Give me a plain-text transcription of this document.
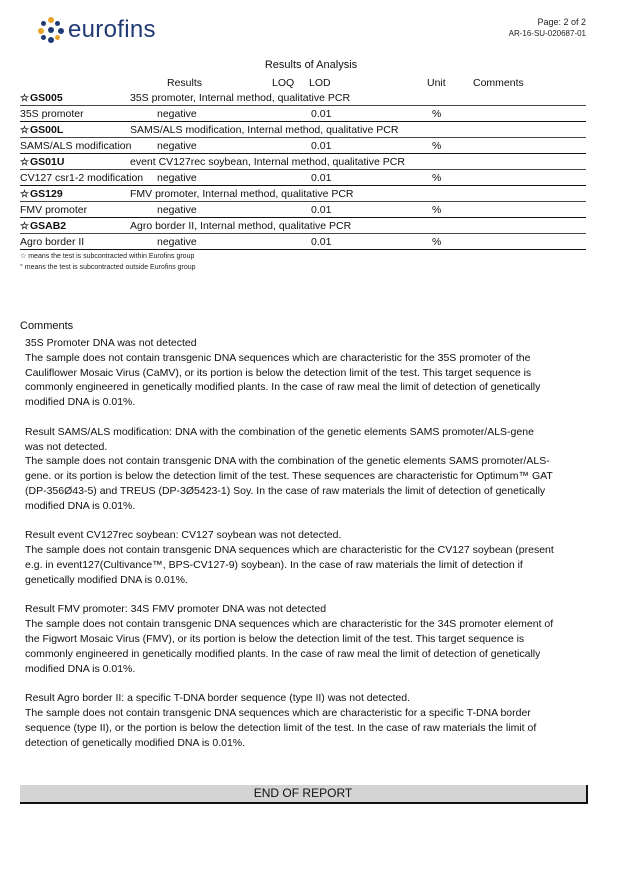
eurofins	Page: 2 of 2
AR-16-SU-020687-01
Results of Analysis
Results	LOQ LOD	Unit	Comments
☆GS005	35S promoter, Internal method, qualitative PCR
35S promoter	negative	0.01	%
☆GS00L	SAMS/ALS modification, Internal method, qualitative PCR
SAMS/ALS modification negative	0.01	%
☆GS01U	event CV127rec soybean, Internal method, qualitative PCR
CV127 csr1-2 modification negative	0.01	%
☆GS129	FMV promoter, Internal method, qualitative PCR
FMV promoter	negative	0.01	%
☆GSAB2	Agro border II, Internal method, qualitative PCR
Agro border II	negative	0.01	%
☆ means the test is subcontracted within Eurofins group
° means the test is subcontracted outside Eurofins group
Comments
35S Promoter DNA was not detected

The sample does not contain transgenic DNA sequences which are characteristic for the 35S promoter of the Cauliflower Mosaic Virus (CaMV), or its portion is below the detection limit of the test. This target sequence is commonly engineered in genetically modified plants. In the case of raw meal the limit of detection of genetically modified DNA is 0.01%.

Result SAMS/ALS modification: DNA with the combination of the genetic elements SAMS promoter/ALS-gene was not detected.

The sample does not contain transgenic DNA with the combination of the genetic elements SAMS promoter/ALS-gene. or its portion is below the detection limit of the test. These sequences are characteristic for Optimum™ GAT (DP-356Ø43-5) and TREUS (DP-3Ø5423-1) Soy. In the case of raw materials the limit of detection of genetically modified DNA is 0.01%.

Result event CV127rec soybean: CV127 soybean was not detected.

The sample does not contain transgenic DNA sequences which are characteristic for the CV127 soybean (present e.g. in event127(Cultivance™, BPS-CV127-9) soybean). In the case of raw materials the limit of detection if genetically modified DNA is 0.01%.

Result FMV promoter: 34S FMV promoter DNA was not detected

The sample does not contain transgenic DNA sequences which are characteristic for the 34S promoter element of the Figwort Mosaic Virus (FMV), or its portion is below the detection limit of the test. This target sequence is commonly engineered in genetically modified plants. In the case of raw meal the limit of detection of genetically modified DNA is 0.01%.

Result Agro border II: a specific T-DNA border sequence (type II) was not detected.

The sample does not contain transgenic DNA sequences which are characteristic for a specific T-DNA border sequence (type II), or the portion is below the detection limit of the test. In the case of raw materials the limit of detection of genetically modified DNA is 0.01%.

END OF REPORT
